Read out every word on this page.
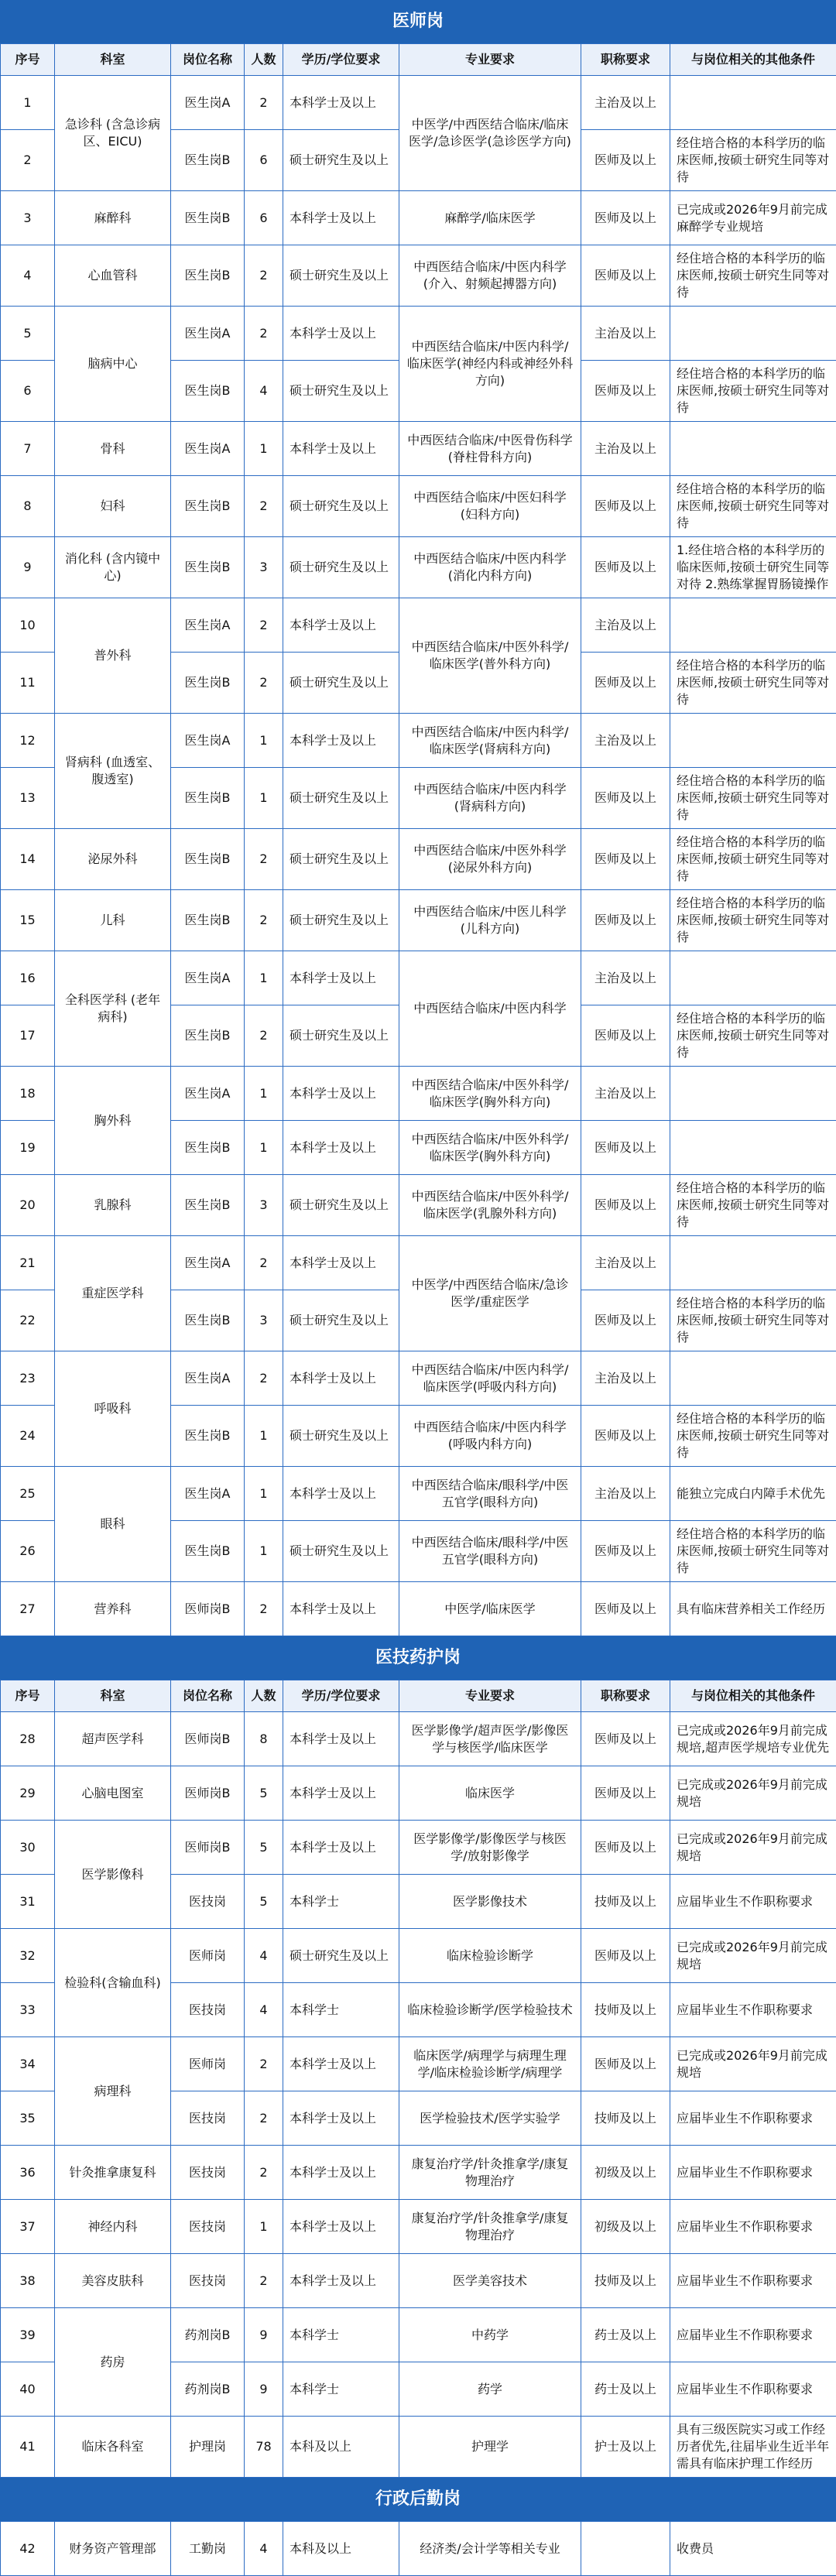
医师岗
序号	科室	岗位名称	人数	学历/学位要求	专业要求	职称要求	与岗位相关的其他条件
1	急诊科 (含急诊病区、EICU)	医生岗A	2	本科学士及以上	中医学/中西医结合临床/临床医学/急诊医学(急诊医学方向)	主治及以上	
2		医生岗B	6	硕士研究生及以上		医师及以上	经住培合格的本科学历的临床医师,按硕士研究生同等对待
3	麻醉科	医生岗B	6	本科学士及以上	麻醉学/临床医学	医师及以上	已完成或2026年9月前完成麻醉学专业规培
4	心血管科	医生岗B	2	硕士研究生及以上	中西医结合临床/中医内科学(介入、射频起搏器方向)	医师及以上	经住培合格的本科学历的临床医师,按硕士研究生同等对待
5	脑病中心	医生岗A	2	本科学士及以上	中西医结合临床/中医内科学/临床医学(神经内科或神经外科方向)	主治及以上	
6		医生岗B	4	硕士研究生及以上		医师及以上	经住培合格的本科学历的临床医师,按硕士研究生同等对待
7	骨科	医生岗A	1	本科学士及以上	中西医结合临床/中医骨伤科学(脊柱骨科方向)	主治及以上	
8	妇科	医生岗B	2	硕士研究生及以上	中西医结合临床/中医妇科学(妇科方向)	医师及以上	经住培合格的本科学历的临床医师,按硕士研究生同等对待
9	消化科 (含内镜中心)	医生岗B	3	硕士研究生及以上	中西医结合临床/中医内科学(消化内科方向)	医师及以上	1.经住培合格的本科学历的临床医师,按硕士研究生同等对待 2.熟练掌握胃肠镜操作
10	普外科	医生岗A	2	本科学士及以上	中西医结合临床/中医外科学/临床医学(普外科方向)	主治及以上	
11		医生岗B	2	硕士研究生及以上		医师及以上	经住培合格的本科学历的临床医师,按硕士研究生同等对待
12	肾病科 (血透室、腹透室)	医生岗A	1	本科学士及以上	中西医结合临床/中医内科学/临床医学(肾病科方向)	主治及以上	
13		医生岗B	1	硕士研究生及以上	中西医结合临床/中医内科学(肾病科方向)	医师及以上	经住培合格的本科学历的临床医师,按硕士研究生同等对待
14	泌尿外科	医生岗B	2	硕士研究生及以上	中西医结合临床/中医外科学(泌尿外科方向)	医师及以上	经住培合格的本科学历的临床医师,按硕士研究生同等对待
15	儿科	医生岗B	2	硕士研究生及以上	中西医结合临床/中医儿科学(儿科方向)	医师及以上	经住培合格的本科学历的临床医师,按硕士研究生同等对待
16	全科医学科 (老年病科)	医生岗A	1	本科学士及以上	中西医结合临床/中医内科学	主治及以上	
17		医生岗B	2	硕士研究生及以上		医师及以上	经住培合格的本科学历的临床医师,按硕士研究生同等对待
18	胸外科	医生岗A	1	本科学士及以上	中西医结合临床/中医外科学/临床医学(胸外科方向)	主治及以上	
19		医生岗B	1	本科学士及以上	中西医结合临床/中医外科学/临床医学(胸外科方向)	医师及以上	
20	乳腺科	医生岗B	3	硕士研究生及以上	中西医结合临床/中医外科学/临床医学(乳腺外科方向)	医师及以上	经住培合格的本科学历的临床医师,按硕士研究生同等对待
21	重症医学科	医生岗A	2	本科学士及以上	中医学/中西医结合临床/急诊医学/重症医学	主治及以上	
22		医生岗B	3	硕士研究生及以上		医师及以上	经住培合格的本科学历的临床医师,按硕士研究生同等对待
23	呼吸科	医生岗A	2	本科学士及以上	中西医结合临床/中医内科学/临床医学(呼吸内科方向)	主治及以上	
24		医生岗B	1	硕士研究生及以上	中西医结合临床/中医内科学(呼吸内科方向)	医师及以上	经住培合格的本科学历的临床医师,按硕士研究生同等对待
25	眼科	医生岗A	1	本科学士及以上	中西医结合临床/眼科学/中医五官学(眼科方向)	主治及以上	能独立完成白内障手术优先
26		医生岗B	1	硕士研究生及以上	中西医结合临床/眼科学/中医五官学(眼科方向)	医师及以上	经住培合格的本科学历的临床医师,按硕士研究生同等对待
27	营养科	医师岗B	2	本科学士及以上	中医学/临床医学	医师及以上	具有临床营养相关工作经历
医技药护岗
序号	科室	岗位名称	人数	学历/学位要求	专业要求	职称要求	与岗位相关的其他条件
28	超声医学科	医师岗B	8	本科学士及以上	医学影像学/超声医学/影像医学与核医学/临床医学	医师及以上	已完成或2026年9月前完成规培,超声医学规培专业优先
29	心脑电图室	医师岗B	5	本科学士及以上	临床医学	医师及以上	已完成或2026年9月前完成规培
30	医学影像科	医师岗B	5	本科学士及以上	医学影像学/影像医学与核医学/放射影像学	医师及以上	已完成或2026年9月前完成规培
31		医技岗	5	本科学士	医学影像技术	技师及以上	应届毕业生不作职称要求
32	检验科(含输血科)	医师岗	4	硕士研究生及以上	临床检验诊断学	医师及以上	已完成或2026年9月前完成规培
33		医技岗	4	本科学士	临床检验诊断学/医学检验技术	技师及以上	应届毕业生不作职称要求
34	病理科	医师岗	2	本科学士及以上	临床医学/病理学与病理生理学/临床检验诊断学/病理学	医师及以上	已完成或2026年9月前完成规培
35		医技岗	2	本科学士及以上	医学检验技术/医学实验学	技师及以上	应届毕业生不作职称要求
36	针灸推拿康复科	医技岗	2	本科学士及以上	康复治疗学/针灸推拿学/康复物理治疗	初级及以上	应届毕业生不作职称要求
37	神经内科	医技岗	1	本科学士及以上	康复治疗学/针灸推拿学/康复物理治疗	初级及以上	应届毕业生不作职称要求
38	美容皮肤科	医技岗	2	本科学士及以上	医学美容技术	技师及以上	应届毕业生不作职称要求
39	药房	药剂岗B	9	本科学士	中药学	药士及以上	应届毕业生不作职称要求
40		药剂岗B	9	本科学士	药学	药士及以上	应届毕业生不作职称要求
41	临床各科室	护理岗	78	本科及以上	护理学	护士及以上	具有三级医院实习或工作经历者优先,往届毕业生近半年需具有临床护理工作经历
行政后勤岗
42	财务资产管理部	工勤岗	4	本科及以上	经济类/会计学等相关专业		收费员
